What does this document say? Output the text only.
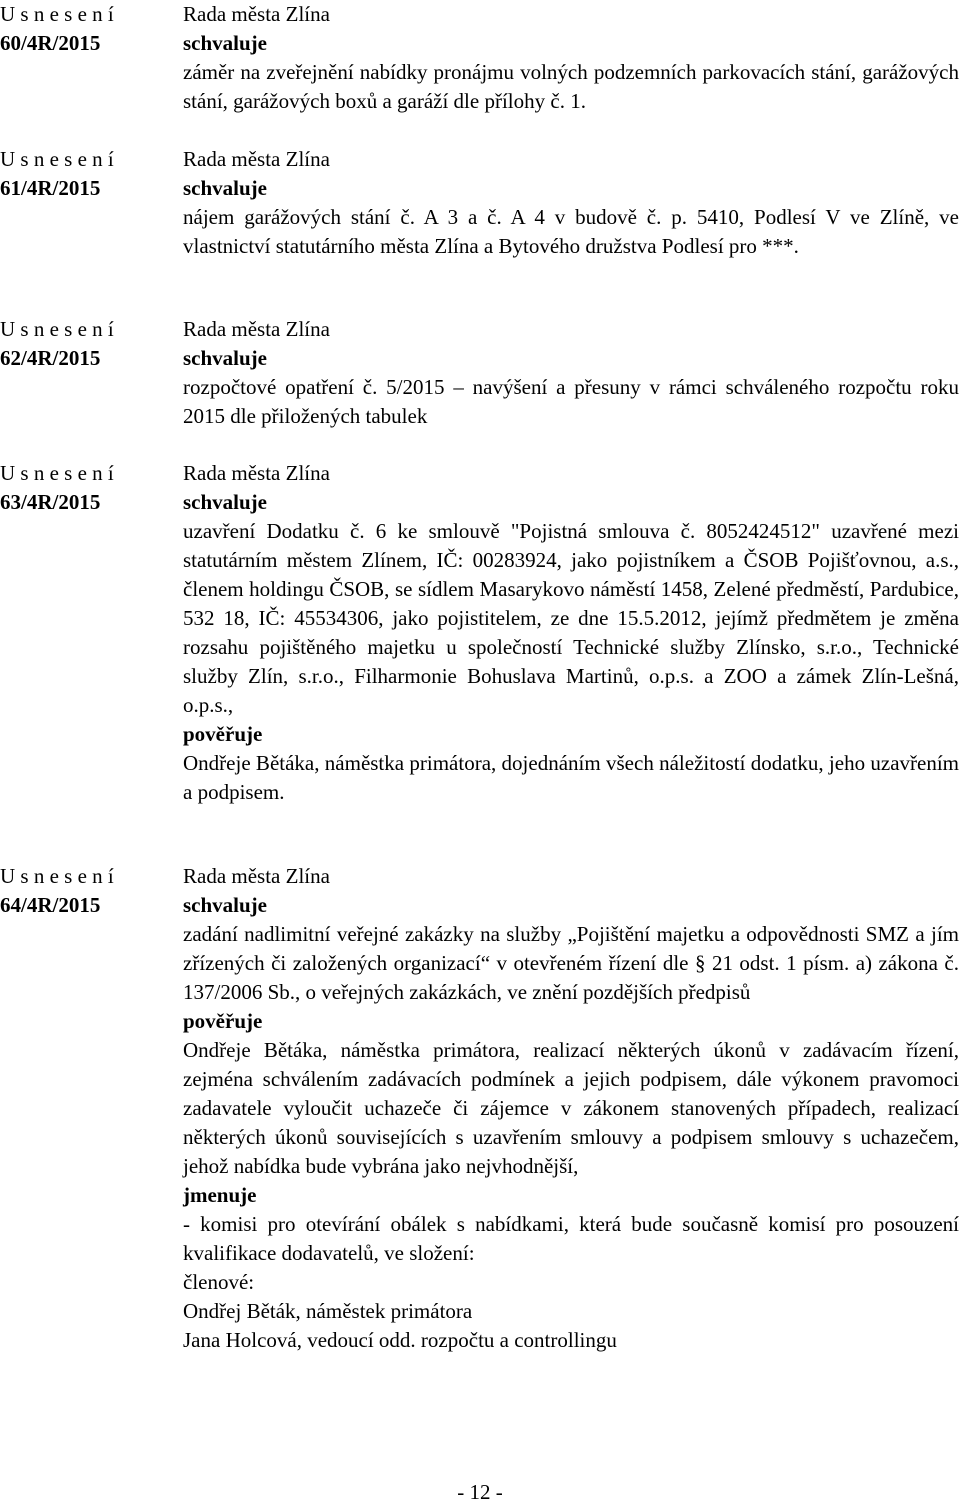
U s n e s e n í
60/4R/2015
Rada města Zlína
schvaluje

záměr na zveřejnění nabídky pronájmu volných podzemních parkovacích stání, garážových stání, garážových boxů a garáží dle přílohy č. 1.

U s n e s e n í
61/4R/2015
Rada města Zlína
schvaluje

nájem garážových stání č. A 3 a č. A 4 v budově č. p. 5410, Podlesí V ve Zlíně, ve vlastnictví statutárního města Zlína a Bytového družstva Podlesí pro ***.

U s n e s e n í
62/4R/2015
Rada města Zlína
schvaluje

rozpočtové opatření č. 5/2015 – navýšení a přesuny v rámci schváleného rozpočtu roku 2015 dle přiložených tabulek

U s n e s e n í
63/4R/2015
Rada města Zlína
schvaluje

uzavření Dodatku č. 6 ke smlouvě "Pojistná smlouva č. 8052424512" uzavřené mezi statutárním městem Zlínem, IČ: 00283924, jako pojistníkem a ČSOB Pojišťovnou, a.s., členem holdingu ČSOB, se sídlem Masarykovo náměstí 1458, Zelené předměstí, Pardubice, 532 18, IČ: 45534306, jako pojistitelem, ze dne 15.5.2012, jejímž předmětem je změna rozsahu pojištěného majetku u společností Technické služby Zlínsko, s.r.o., Technické služby Zlín, s.r.o., Filharmonie Bohuslava Martinů, o.p.s. a ZOO a zámek Zlín-Lešná, o.p.s.,

pověřuje

Ondřeje Bětáka, náměstka primátora, dojednáním všech náležitostí dodatku, jeho uzavřením a podpisem.

U s n e s e n í
64/4R/2015
Rada města Zlína
schvaluje

zadání nadlimitní veřejné zakázky na služby „Pojištění majetku a odpovědnosti SMZ a jím zřízených či založených organizací“ v otevřeném řízení dle § 21 odst. 1 písm. a) zákona č. 137/2006 Sb., o veřejných zakázkách, ve znění pozdějších předpisů

pověřuje

Ondřeje Bětáka, náměstka primátora, realizací některých úkonů v zadávacím řízení, zejména schválením zadávacích podmínek a jejich podpisem, dále výkonem pravomoci zadavatele vyloučit uchazeče či zájemce v zákonem stanovených případech, realizací některých úkonů souvisejících s uzavřením smlouvy a podpisem smlouvy s uchazečem, jehož nabídka bude vybrána jako nejvhodnější,

jmenuje

- komisi pro otevírání obálek s nabídkami, která bude současně komisí pro posouzení kvalifikace dodavatelů, ve složení:

členové:
Ondřej Běták, náměstek primátora
Jana Holcová, vedoucí odd. rozpočtu a controllingu
- 12 -
